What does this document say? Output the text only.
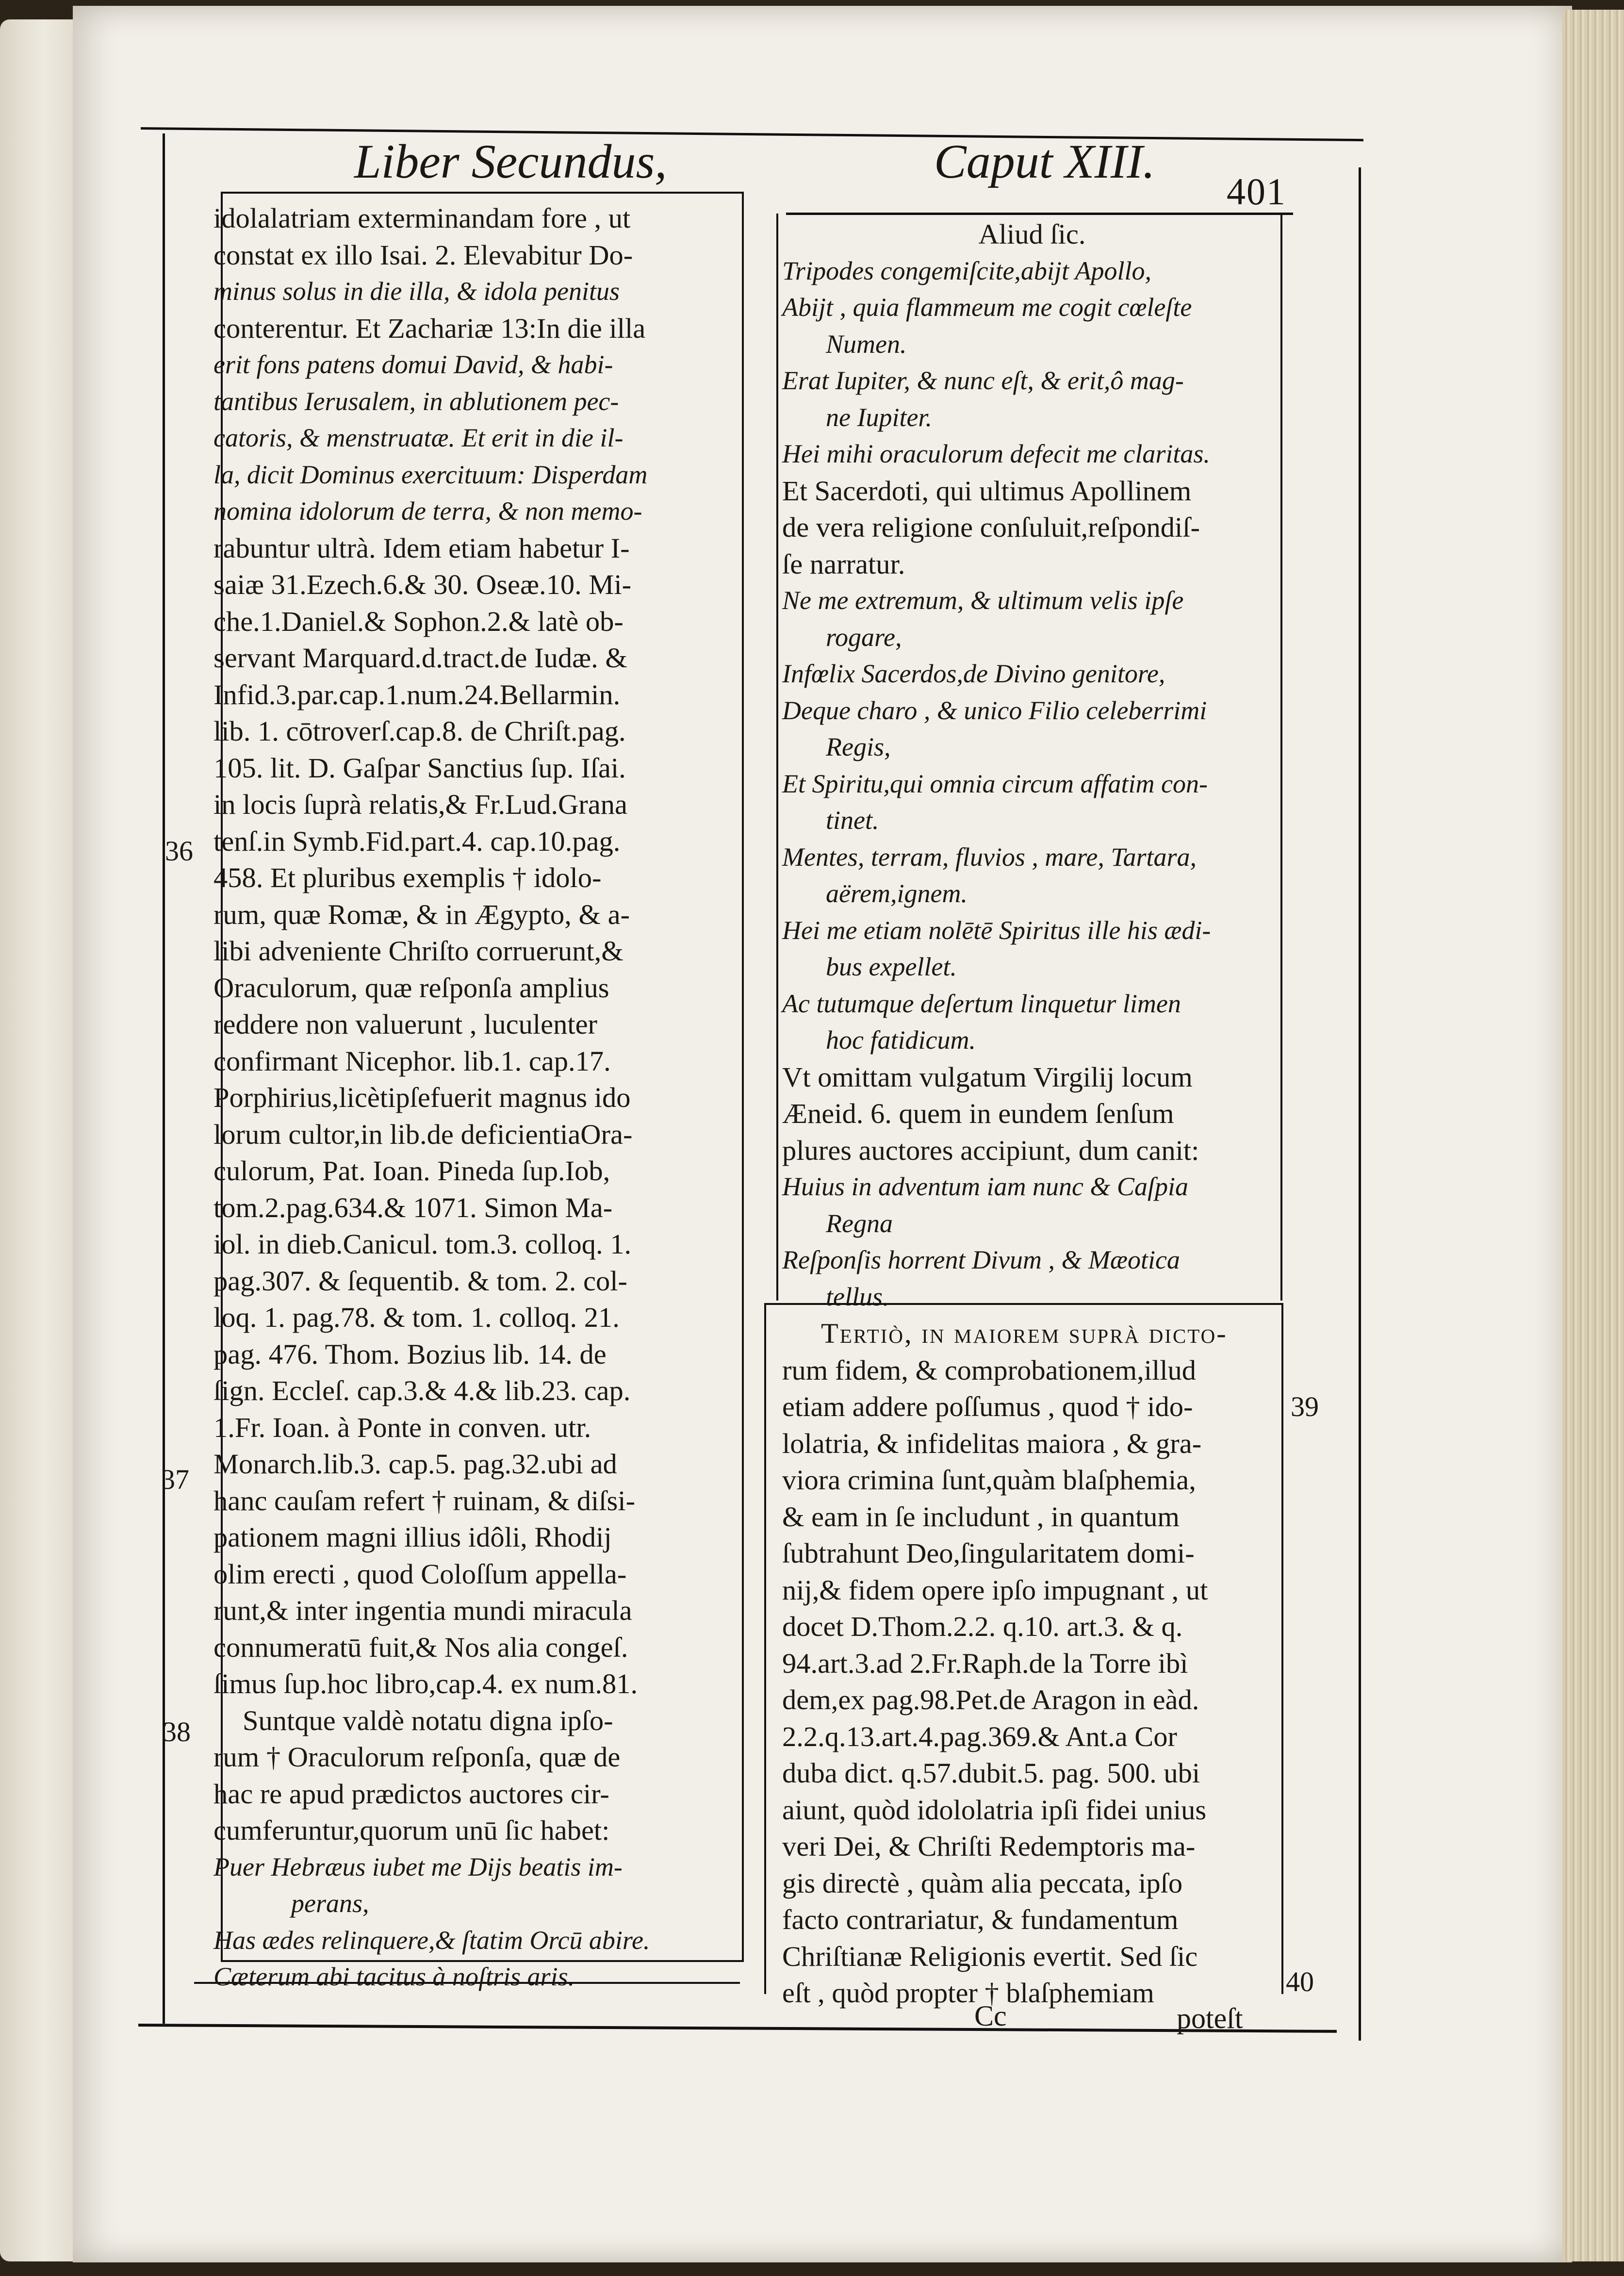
Liber Secundus,	Caput XIII.
401
idolalatriam exterminandam fore , ut
constat ex illo Isai. 2. Elevabitur Do-
minus solus in die illa, & idola penitus
conterentur. Et Zachariæ 13:In die illa
erit fons patens domui David, & habi-
tantibus Ierusalem, in ablutionem pec-
catoris, & menstruatæ. Et erit in die il-
la, dicit Dominus exercituum: Disperdam
nomina idolorum de terra, & non memo-
rabuntur ultrà. Idem etiam habetur I-
saiæ 31.Ezech.6.& 30. Oseæ.10. Mi-
che.1.Daniel.& Sophon.2.& latè ob-
servant Marquard.d.tract.de Iudæ. &
Infid.3.par.cap.1.num.24.Bellarmin.
lib. 1. cōtroverſ.cap.8. de Chriſt.pag.
105. lit. D. Gaſpar Sanctius ſup. Iſai.
in locis ſuprà relatis,& Fr.Lud.Grana
tenſ.in Symb.Fid.part.4. cap.10.pag.
458. Et pluribus exemplis † idolo-
rum, quæ Romæ, & in Ægypto, & a-
libi adveniente Chriſto corruerunt,&
Oraculorum, quæ reſponſa amplius
reddere non valuerunt , luculenter
confirmant Nicephor. lib.1. cap.17.
Porphirius,licètipſefuerit magnus ido
lorum cultor,in lib.de deficientiaOra-
culorum, Pat. Ioan. Pineda ſup.Iob,
tom.2.pag.634.& 1071. Simon Ma-
iol. in dieb.Canicul. tom.3. colloq. 1.
pag.307. & ſequentib. & tom. 2. col-
loq. 1. pag.78. & tom. 1. colloq. 21.
pag. 476. Thom. Bozius lib. 14. de
ſign. Eccleſ. cap.3.& 4.& lib.23. cap.
1.Fr. Ioan. à Ponte in conven. utr.
Monarch.lib.3. cap.5. pag.32.ubi ad
hanc cauſam refert † ruinam, & diſsi-
pationem magni illius idôli, Rhodij
olim erecti , quod Coloſſum appella-
runt,& inter ingentia mundi miracula
connumeratū fuit,& Nos alia congeſ.
ſimus ſup.hoc libro,cap.4. ex num.81.
Suntque valdè notatu digna ipſo-
rum † Oraculorum reſponſa, quæ de
hac re apud prædictos auctores cir-
cumferuntur,quorum unū ſic habet:
Puer Hebræus iubet me Dijs beatis im-
perans,
Has ædes relinquere,& ſtatim Orcū abire.
Cæterum abi tacitus à noſtris aris.
Aliud ſic.
Tripodes congemiſcite,abijt Apollo,
Abijt , quia flammeum me cogit cœleſte
Numen.
Erat Iupiter, & nunc eſt, & erit,ô mag-
ne Iupiter.
Hei mihi oraculorum defecit me claritas.
Et Sacerdoti, qui ultimus Apollinem
de vera religione conſuluit,reſpondiſ-
ſe narratur.
Ne me extremum, & ultimum velis ipſe
rogare,
Infœlix Sacerdos,de Divino genitore,
Deque charo , & unico Filio celeberrimi
Regis,
Et Spiritu,qui omnia circum affatim con-
tinet.
Mentes, terram, fluvios , mare, Tartara,
aërem,ignem.
Hei me etiam nolētē Spiritus ille his ædi-
bus expellet.
Ac tutumque deſertum linquetur limen
hoc fatidicum.
Vt omittam vulgatum Virgilij locum
Æneid. 6. quem in eundem ſenſum
plures auctores accipiunt, dum canit:
Huius in adventum iam nunc & Caſpia
Regna
Reſponſis horrent Divum , & Mæotica
tellus.
Tertiò, in maiorem ſuprà dicto-
rum fidem, & comprobationem,illud
etiam addere poſſumus , quod † ido-
lolatria, & infidelitas maiora , & gra-
viora crimina ſunt,quàm blaſphemia,
& eam in ſe includunt , in quantum
ſubtrahunt Deo,ſingularitatem domi-
nij,& fidem opere ipſo impugnant , ut
docet D.Thom.2.2. q.10. art.3. & q.
94.art.3.ad 2.Fr.Raph.de la Torre ibì
dem,ex pag.98.Pet.de Aragon in eàd.
2.2.q.13.art.4.pag.369.& Ant.a Cor
duba dict. q.57.dubit.5. pag. 500. ubi
aiunt, quòd idololatria ipſi fidei unius
veri Dei, & Chriſti Redemptoris ma-
gis directè , quàm alia peccata, ipſo
facto contrariatur, & fundamentum
Chriſtianæ Religionis evertit. Sed ſic
eſt , quòd propter † blaſphemiam
36
37
38
39
40
Cc	poteſt
